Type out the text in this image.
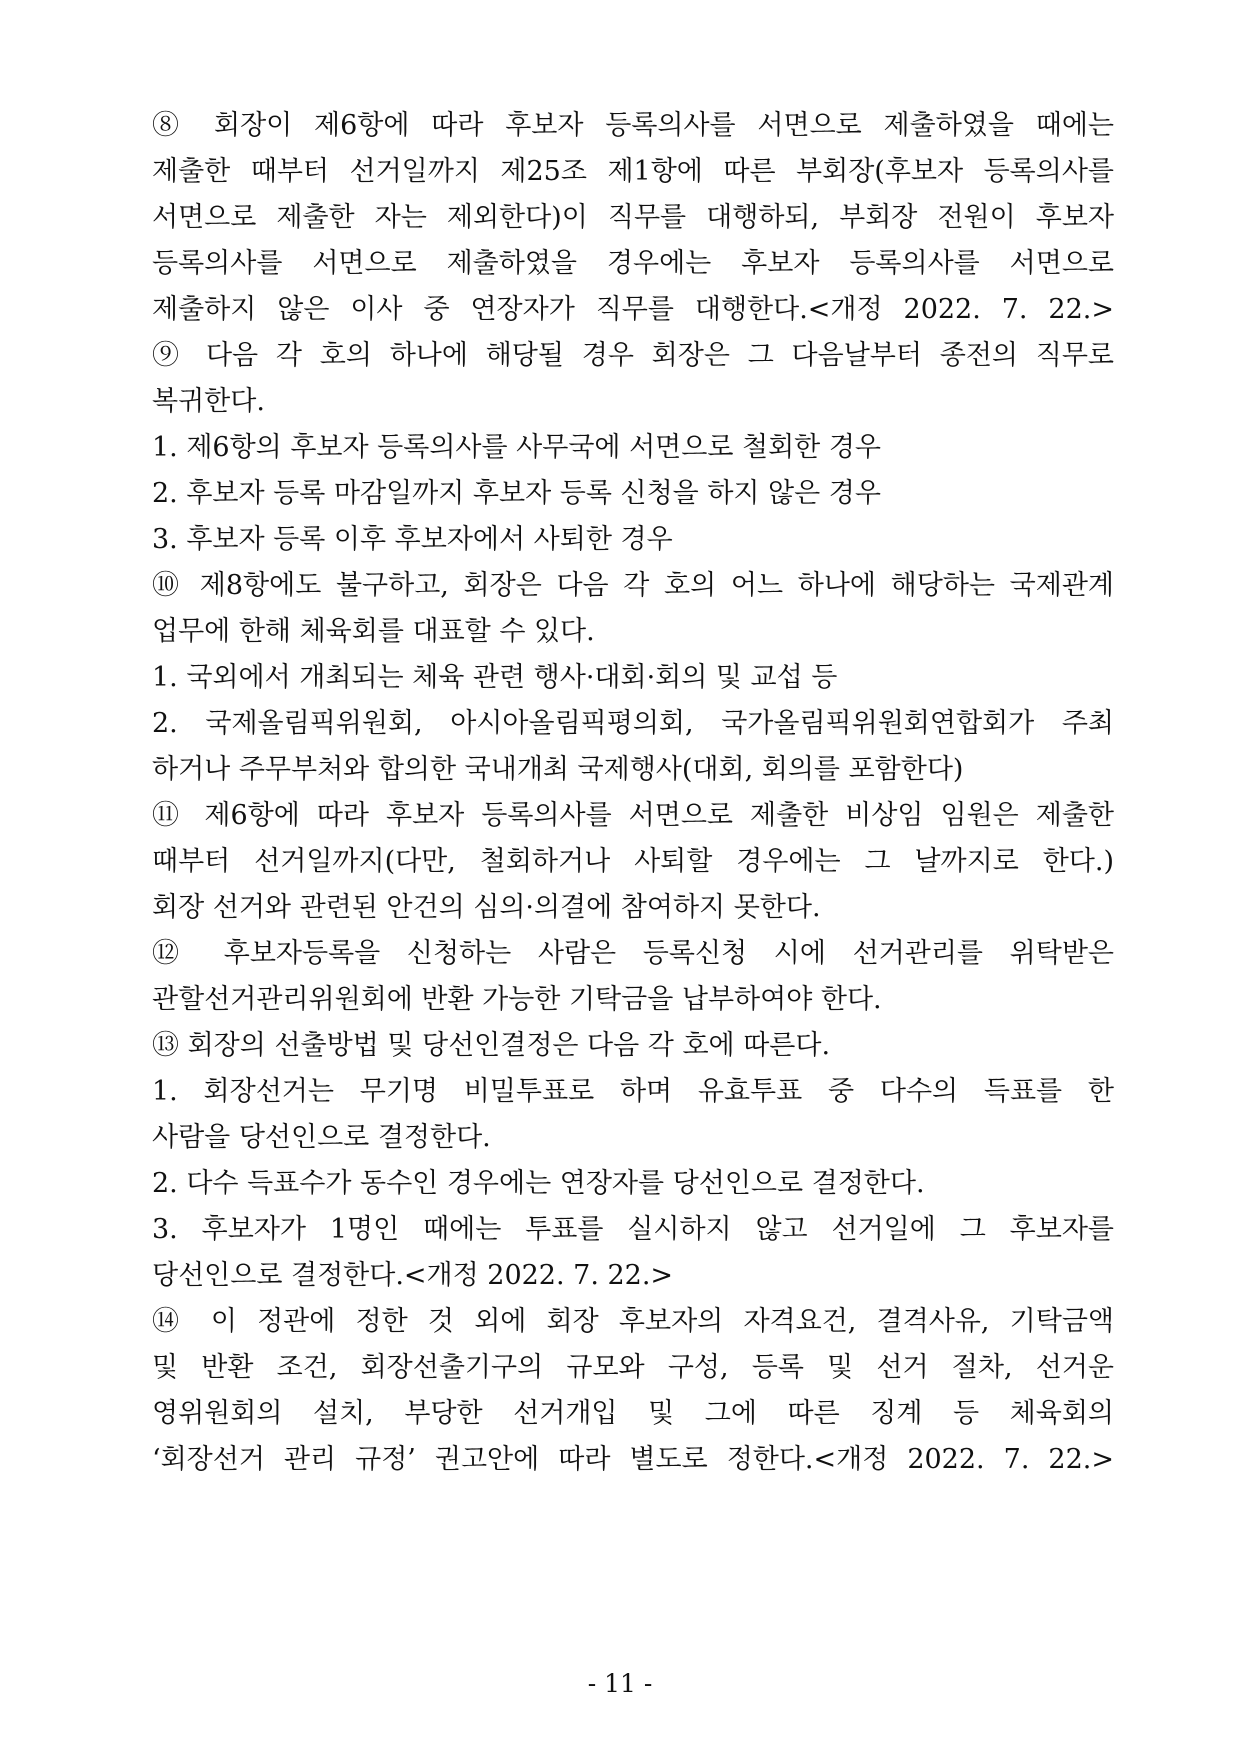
⑧ 회장이 제6항에 따라 후보자 등록의사를 서면으로 제출하였을 때에는
제출한 때부터 선거일까지 제25조 제1항에 따른 부회장(후보자 등록의사를
서면으로 제출한 자는 제외한다)이 직무를 대행하되, 부회장 전원이 후보자
등록의사를 서면으로 제출하였을 경우에는 후보자 등록의사를 서면으로
제출하지 않은 이사 중 연장자가 직무를 대행한다.<개정 2022. 7. 22.>
⑨ 다음 각 호의 하나에 해당될 경우 회장은 그 다음날부터 종전의 직무로
복귀한다.
1. 제6항의 후보자 등록의사를 사무국에 서면으로 철회한 경우
2. 후보자 등록 마감일까지 후보자 등록 신청을 하지 않은 경우
3. 후보자 등록 이후 후보자에서 사퇴한 경우
⑩ 제8항에도 불구하고, 회장은 다음 각 호의 어느 하나에 해당하는 국제관계
업무에 한해 체육회를 대표할 수 있다.
1. 국외에서 개최되는 체육 관련 행사·대회·회의 및 교섭 등
2. 국제올림픽위원회, 아시아올림픽평의회, 국가올림픽위원회연합회가 주최
하거나 주무부처와 합의한 국내개최 국제행사(대회, 회의를 포함한다)
⑪ 제6항에 따라 후보자 등록의사를 서면으로 제출한 비상임 임원은 제출한
때부터 선거일까지(다만, 철회하거나 사퇴할 경우에는 그 날까지로 한다.)
회장 선거와 관련된 안건의 심의·의결에 참여하지 못한다.
⑫ 후보자등록을 신청하는 사람은 등록신청 시에 선거관리를 위탁받은
관할선거관리위원회에 반환 가능한 기탁금을 납부하여야 한다.
⑬ 회장의 선출방법 및 당선인결정은 다음 각 호에 따른다.
1. 회장선거는 무기명 비밀투표로 하며 유효투표 중 다수의 득표를 한
사람을 당선인으로 결정한다.
2. 다수 득표수가 동수인 경우에는 연장자를 당선인으로 결정한다.
3. 후보자가 1명인 때에는 투표를 실시하지 않고 선거일에 그 후보자를
당선인으로 결정한다.<개정 2022. 7. 22.>
⑭ 이 정관에 정한 것 외에 회장 후보자의 자격요건, 결격사유, 기탁금액
및 반환 조건, 회장선출기구의 규모와 구성, 등록 및 선거 절차, 선거운
영위원회의 설치, 부당한 선거개입 및 그에 따른 징계 등 체육회의
‘회장선거 관리 규정’ 권고안에 따라 별도로 정한다.<개정 2022. 7. 22.>
- 11 -
